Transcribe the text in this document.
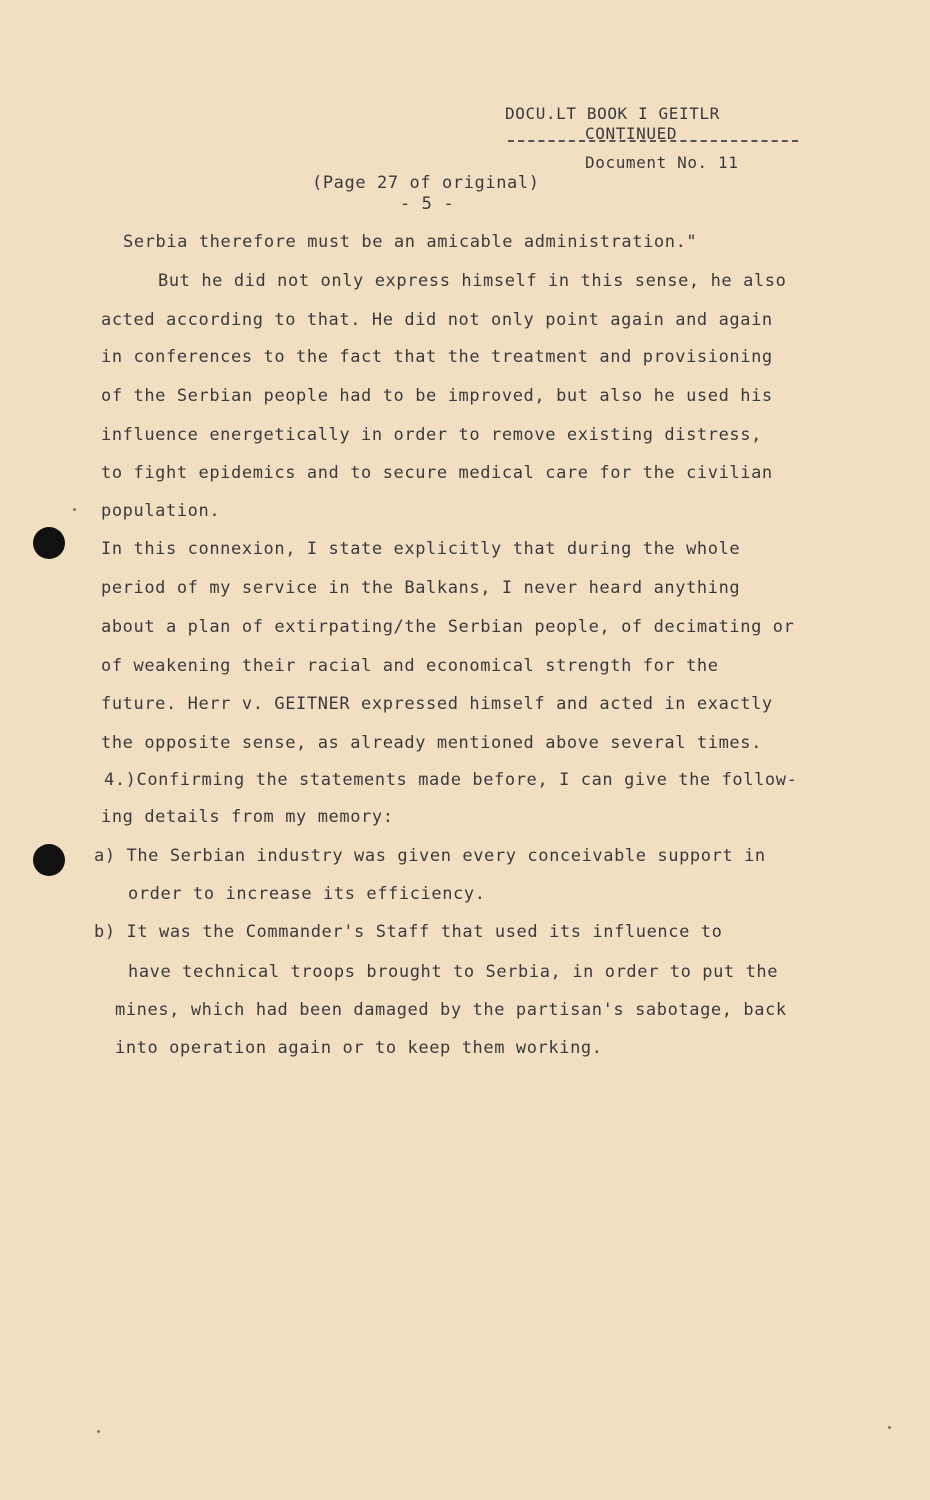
DOCU.LT BOOK I GEITLR
CONTINUED
Document No. 11
(Page 27 of original)
- 5 -
Serbia therefore must be an amicable administration."
But he did not only express himself in this sense, he also
acted according to that. He did not only point again and again
in conferences to the fact that the treatment and provisioning
of the Serbian people had to be improved, but also he used his
influence energetically in order to remove existing distress,
to fight epidemics and to secure medical care for the civilian
population.
In this connexion, I state explicitly that during the whole
period of my service in the Balkans, I never heard anything
about a plan of extirpating/the Serbian people, of decimating or
of weakening their racial and economical strength for the
future. Herr v. GEITNER expressed himself and acted in exactly
the opposite sense, as already mentioned above several times.
4.)Confirming the statements made before, I can give the follow-
ing details from my memory:
a) The Serbian industry was given every conceivable support in
order to increase its efficiency.
b) It was the Commander's Staff that used its influence to
have technical troops brought to Serbia, in order to put the
mines, which had been damaged by the partisan's sabotage, back
into operation again or to keep them working.
